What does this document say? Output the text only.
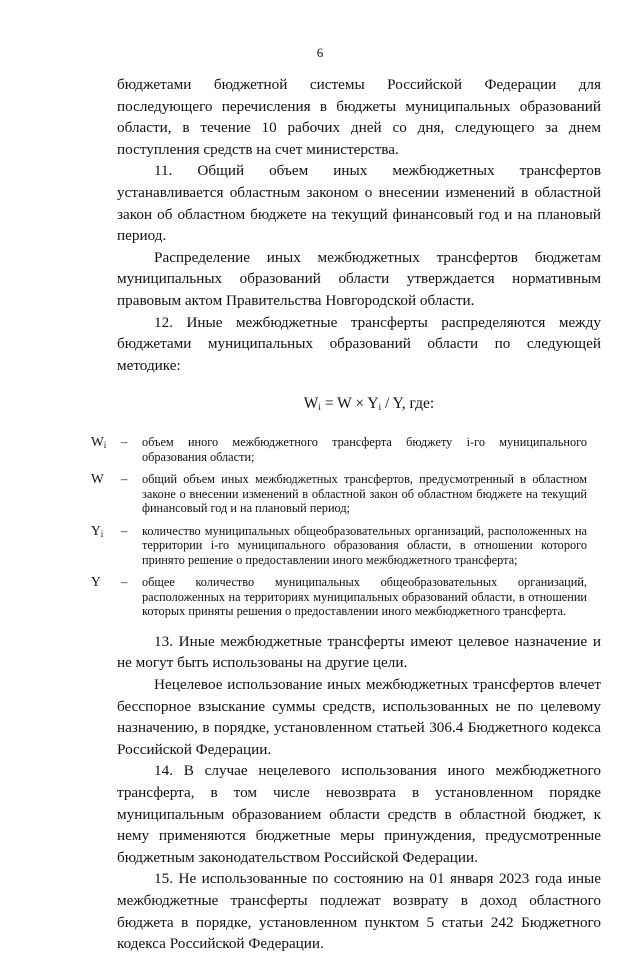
6

бюджетами бюджетной системы Российской Федерации для последующего перечисления в бюджеты муниципальных образований области, в течение 10 рабочих дней со дня, следующего за днем поступления средств на счет министерства.

11. Общий объем иных межбюджетных трансфертов устанавливается областным законом о внесении изменений в областной закон об областном бюджете на текущий финансовый год и на плановый период.

Распределение иных межбюджетных трансфертов бюджетам муниципальных образований области утверждается нормативным правовым актом Правительства Новгородской области.

12. Иные межбюджетные трансферты распределяются между бюджетами муниципальных образований области по следующей методике:

$W_i = W \times Y_i / Y$, где:
$W_i$	–	объем иного межбюджетного трансферта бюджету i-го муниципального образования области;
W	–	общий объем иных межбюджетных трансфертов, предусмотренный в областном законе о внесении изменений в областной закон об областном бюджете на текущий финансовый год и на плановый период;
$Y_i$	–	количество муниципальных общеобразовательных организаций, расположенных на территории i-го муниципального образования области, в отношении которого принято решение о предоставлении иного межбюджетного трансферта;
Y	–	общее количество муниципальных общеобразовательных организаций, расположенных на территориях муниципальных образований области, в отношении которых приняты решения о предоставлении иного межбюджетного трансферта.

13. Иные межбюджетные трансферты имеют целевое назначение и не могут быть использованы на другие цели.

Нецелевое использование иных межбюджетных трансфертов влечет бесспорное взыскание суммы средств, использованных не по целевому назначению, в порядке, установленном статьей 306.4 Бюджетного кодекса Российской Федерации.

14. В случае нецелевого использования иного межбюджетного трансферта, в том числе невозврата в установленном порядке муниципальным образованием области средств в областной бюджет, к нему применяются бюджетные меры принуждения, предусмотренные бюджетным законодательством Российской Федерации.

15. Не использованные по состоянию на 01 января 2023 года иные межбюджетные трансферты подлежат возврату в доход областного бюджета в порядке, установленном пунктом 5 статьи 242 Бюджетного кодекса Российской Федерации.
